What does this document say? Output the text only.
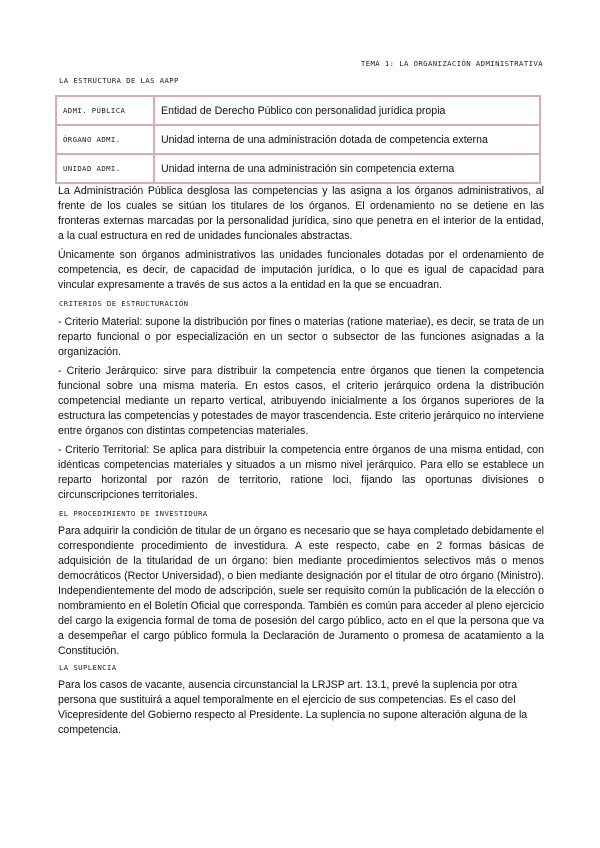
TEMA 1: LA ORGANIZACIÓN ADMINISTRATIVA
LA ESTRUCTURA DE LAS AAPP
ADMI. PÚBLICA	Entidad de Derecho Público con personalidad jurídica propia
ÓRGANO ADMI.	Unidad interna de una administración dotada de competencia externa
UNIDAD ADMI.	Unidad interna de una administración sin competencia externa

La Administración Pública desglosa las competencias y las asigna a los órganos administrativos, al frente de los cuales se sitúan los titulares de los órganos. El ordenamiento no se detiene en las fronteras externas marcadas por la personalidad jurídica, sino que penetra en el interior de la entidad, a la cual estructura en red de unidades funcionales abstractas.

Únicamente son órganos administrativos las unidades funcionales dotadas por el ordenamiento de competencia, es decir, de capacidad de imputación jurídica, o lo que es igual de capacidad para vincular expresamente a través de sus actos a la entidad en la que se encuadran.

CRITERIOS DE ESTRUCTURACIÓN

- Criterio Material: supone la distribución por fines o materias (ratione materiae), es decir, se trata de un reparto funcional o por especialización en un sector o subsector de las funciones asignadas a la organización.

- Criterio Jerárquico: sirve para distribuir la competencia entre órganos que tienen la competencia funcional sobre una misma materia. En estos casos, el criterio jerárquico ordena la distribución competencial mediante un reparto vertical, atribuyendo inicialmente a los órganos superiores de la estructura las competencias y potestades de mayor trascendencia. Este criterio jerárquico no interviene entre órganos con distintas competencias materiales.

- Criterio Territorial: Se aplica para distribuir la competencia entre órganos de una misma entidad, con idénticas competencias materiales y situados a un mismo nivel jerárquico. Para ello se establece un reparto horizontal por razón de territorio, ratione loci, fijando las oportunas divisiones o circunscripciones territoriales.

EL PROCEDIMIENTO DE INVESTIDURA

Para adquirir la condición de titular de un órgano es necesario que se haya completado debidamente el correspondiente procedimiento de investidura. A este respecto, cabe en 2 formas básicas de adquisición de la titularidad de un órgano: bien mediante procedimientos selectivos más o menos democráticos (Rector Universidad), o bien mediante designación por el titular de otro órgano (Ministro). Independientemente del modo de adscripción, suele ser requisito común la publicación de la elección o nombramiento en el Boletín Oficial que corresponda. También es común para acceder al pleno ejercicio del cargo la exigencia formal de toma de posesión del cargo público, acto en el que la persona que va a desempeñar el cargo público formula la Declaración de Juramento o promesa de acatamiento a la Constitución.

LA SUPLENCIA

Para los casos de vacante, ausencia circunstancial la LRJSP art. 13.1, prevé la suplencia por otra persona que sustituirá a aquel temporalmente en el ejercicio de sus competencias. Es el caso del Vicepresidente del Gobierno respecto al Presidente. La suplencia no supone alteración alguna de la competencia.
